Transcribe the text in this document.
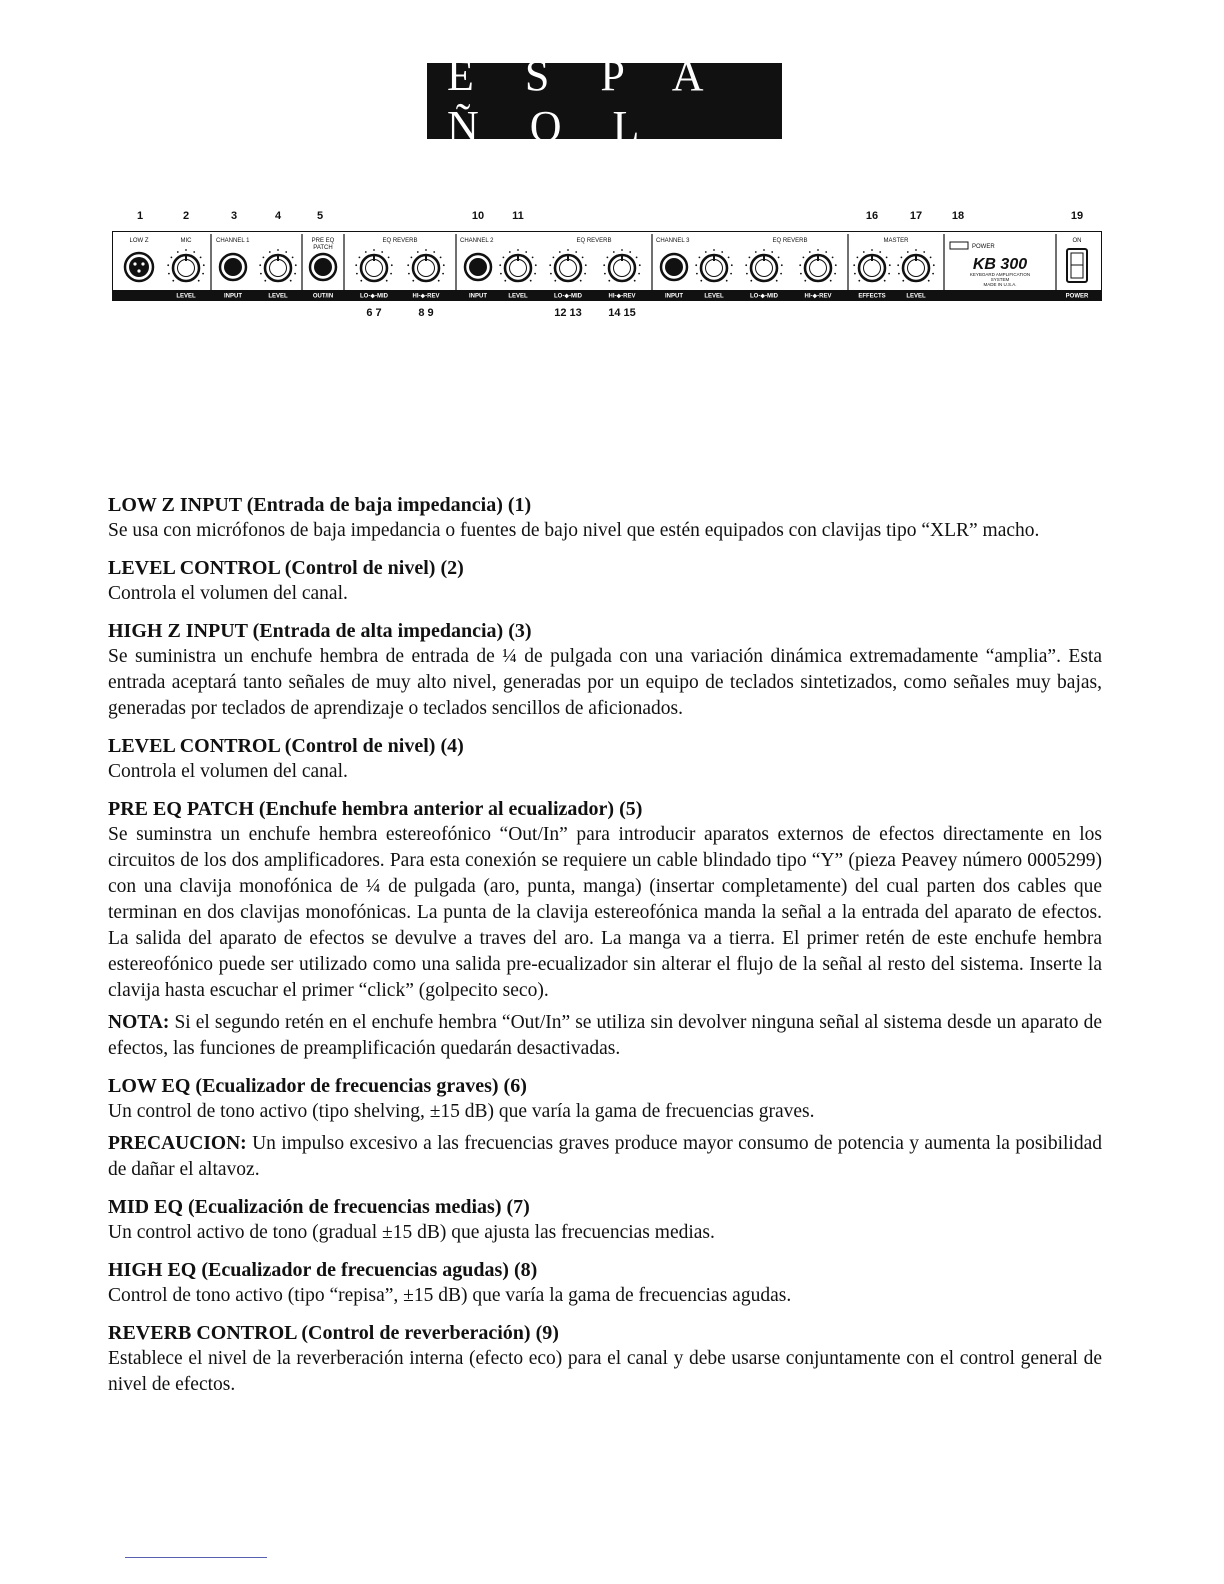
E S P A Ñ O L
1	2	3	4	5	10	11	16	17	18	19
LOW Z	MIC	CHANNEL 1	PRE EQ
PATCH
EQ REVERB	CHANNEL 2	EQ REVERB	CHANNEL 3	EQ REVERB	MASTER
POWER
ON
KB 300
KEYBOARD AMPLIFICATION
SYSTEM
MADE IN U.S.A.
LEVEL	INPUT	LEVEL	OUT/IN	LO-◆-MID	HI-◆-REV	INPUT	LEVEL	LO-◆-MID	HI-◆-REV	INPUT	LEVEL	LO-◆-MID	HI-◆-REV	EFFECTS	LEVEL	POWER
6 7	8 9	12 13 14 15
LOW Z INPUT (Entrada de baja impedancia) (1)

Se usa con micrófonos de baja impedancia o fuentes de bajo nivel que estén equipados con clavijas tipo “XLR” macho.

LEVEL CONTROL (Control de nivel) (2)

Controla el volumen del canal.

HIGH Z INPUT (Entrada de alta impedancia) (3)

Se suministra un enchufe hembra de entrada de ¼ de pulgada con una variación dinámica extremadamente “amplia”. Esta entrada aceptará tanto señales de muy alto nivel, generadas por un equipo de teclados sintetizados, como señales muy bajas, generadas por teclados de aprendizaje o teclados sencillos de aficionados.

LEVEL CONTROL (Control de nivel) (4)

Controla el volumen del canal.

PRE EQ PATCH (Enchufe hembra anterior al ecualizador) (5)

Se suminstra un enchufe hembra estereofónico “Out/In” para introducir aparatos externos de efectos directamente en los circuitos de los dos amplificadores. Para esta conexión se requiere un cable blindado tipo “Y” (pieza Peavey número 0005299) con una clavija monofónica de ¼ de pulgada (aro, punta, manga) (insertar completamente) del cual parten dos cables que terminan en dos clavijas monofónicas. La punta de la clavija estereofónica manda la señal a la entrada del aparato de efectos. La salida del aparato de efectos se devulve a traves del aro. La manga va a tierra. El primer retén de este enchufe hembra estereofónico puede ser utilizado como una salida pre-ecualizador sin alterar el flujo de la señal al resto del sistema. Inserte la clavija hasta escuchar el primer “click” (golpecito seco).

NOTA: Si el segundo retén en el enchufe hembra “Out/In” se utiliza sin devolver ninguna señal al sistema desde un aparato de efectos, las funciones de preamplificación quedarán desactivadas.

LOW EQ (Ecualizador de frecuencias graves) (6)

Un control de tono activo (tipo shelving, ±15 dB) que varía la gama de frecuencias graves.

PRECAUCION: Un impulso excesivo a las frecuencias graves produce mayor consumo de potencia y aumenta la posibilidad de dañar el altavoz.

MID EQ (Ecualización de frecuencias medias) (7)

Un control activo de tono (gradual ±15 dB) que ajusta las frecuencias medias.

HIGH EQ (Ecualizador de frecuencias agudas) (8)

Control de tono activo (tipo “repisa”, ±15 dB) que varía la gama de frecuencias agudas.

REVERB CONTROL (Control de reverberación) (9)

Establece el nivel de la reverberación interna (efecto eco) para el canal y debe usarse conjuntamente con el control general de nivel de efectos.
